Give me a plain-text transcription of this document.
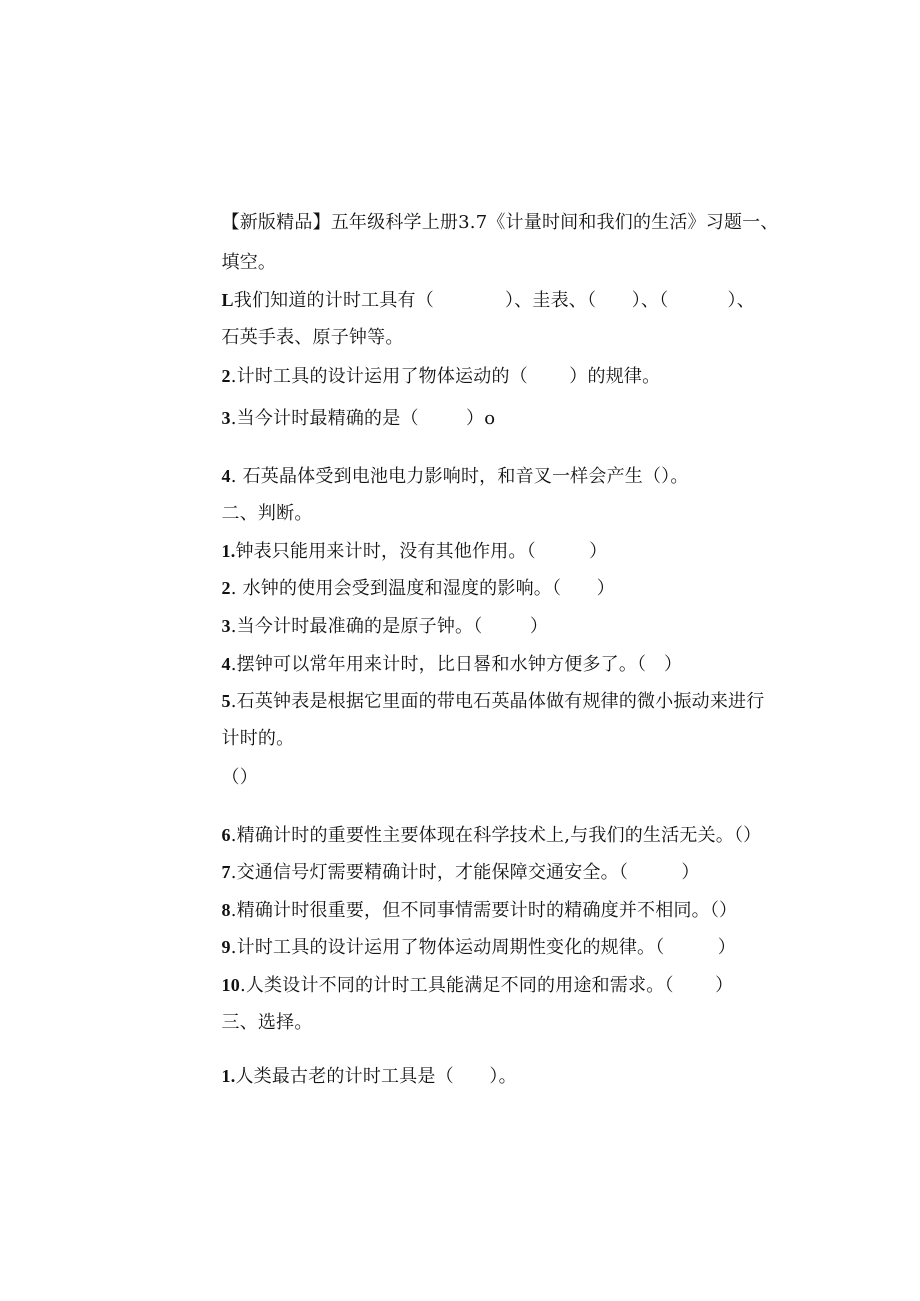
【新版精品】五年级科学上册3.7《计量时间和我们的生活》习题一、

填空。

L我们知道的计时工具有（            ）、圭表、（      ）、（          ）、

石英手表、原子钟等。

2.计时工具的设计运用了物体运动的（       ）的规律。

3.当今计时最精确的是（        ）o

4. 石英晶体受到电池电力影响时，和音叉一样会产生（）。

二、判断。

1.钟表只能用来计时，没有其他作用。（         ）

2. 水钟的使用会受到温度和湿度的影响。（      ）

3.当今计时最准确的是原子钟。（        ）

4.摆钟可以常年用来计时，比日晷和水钟方便多了。（   ）

5.石英钟表是根据它里面的带电石英晶体做有规律的微小振动来进行

计时的。

（）

6.精确计时的重要性主要体现在科学技术上,与我们的生活无关。（）

7.交通信号灯需要精确计时，才能保障交通安全。（         ）

8.精确计时很重要，但不同事情需要计时的精确度并不相同。（）

9.计时工具的设计运用了物体运动周期性变化的规律。（         ）

10.人类设计不同的计时工具能满足不同的用途和需求。（       ）

三、选择。

1.人类最古老的计时工具是（      ）。
